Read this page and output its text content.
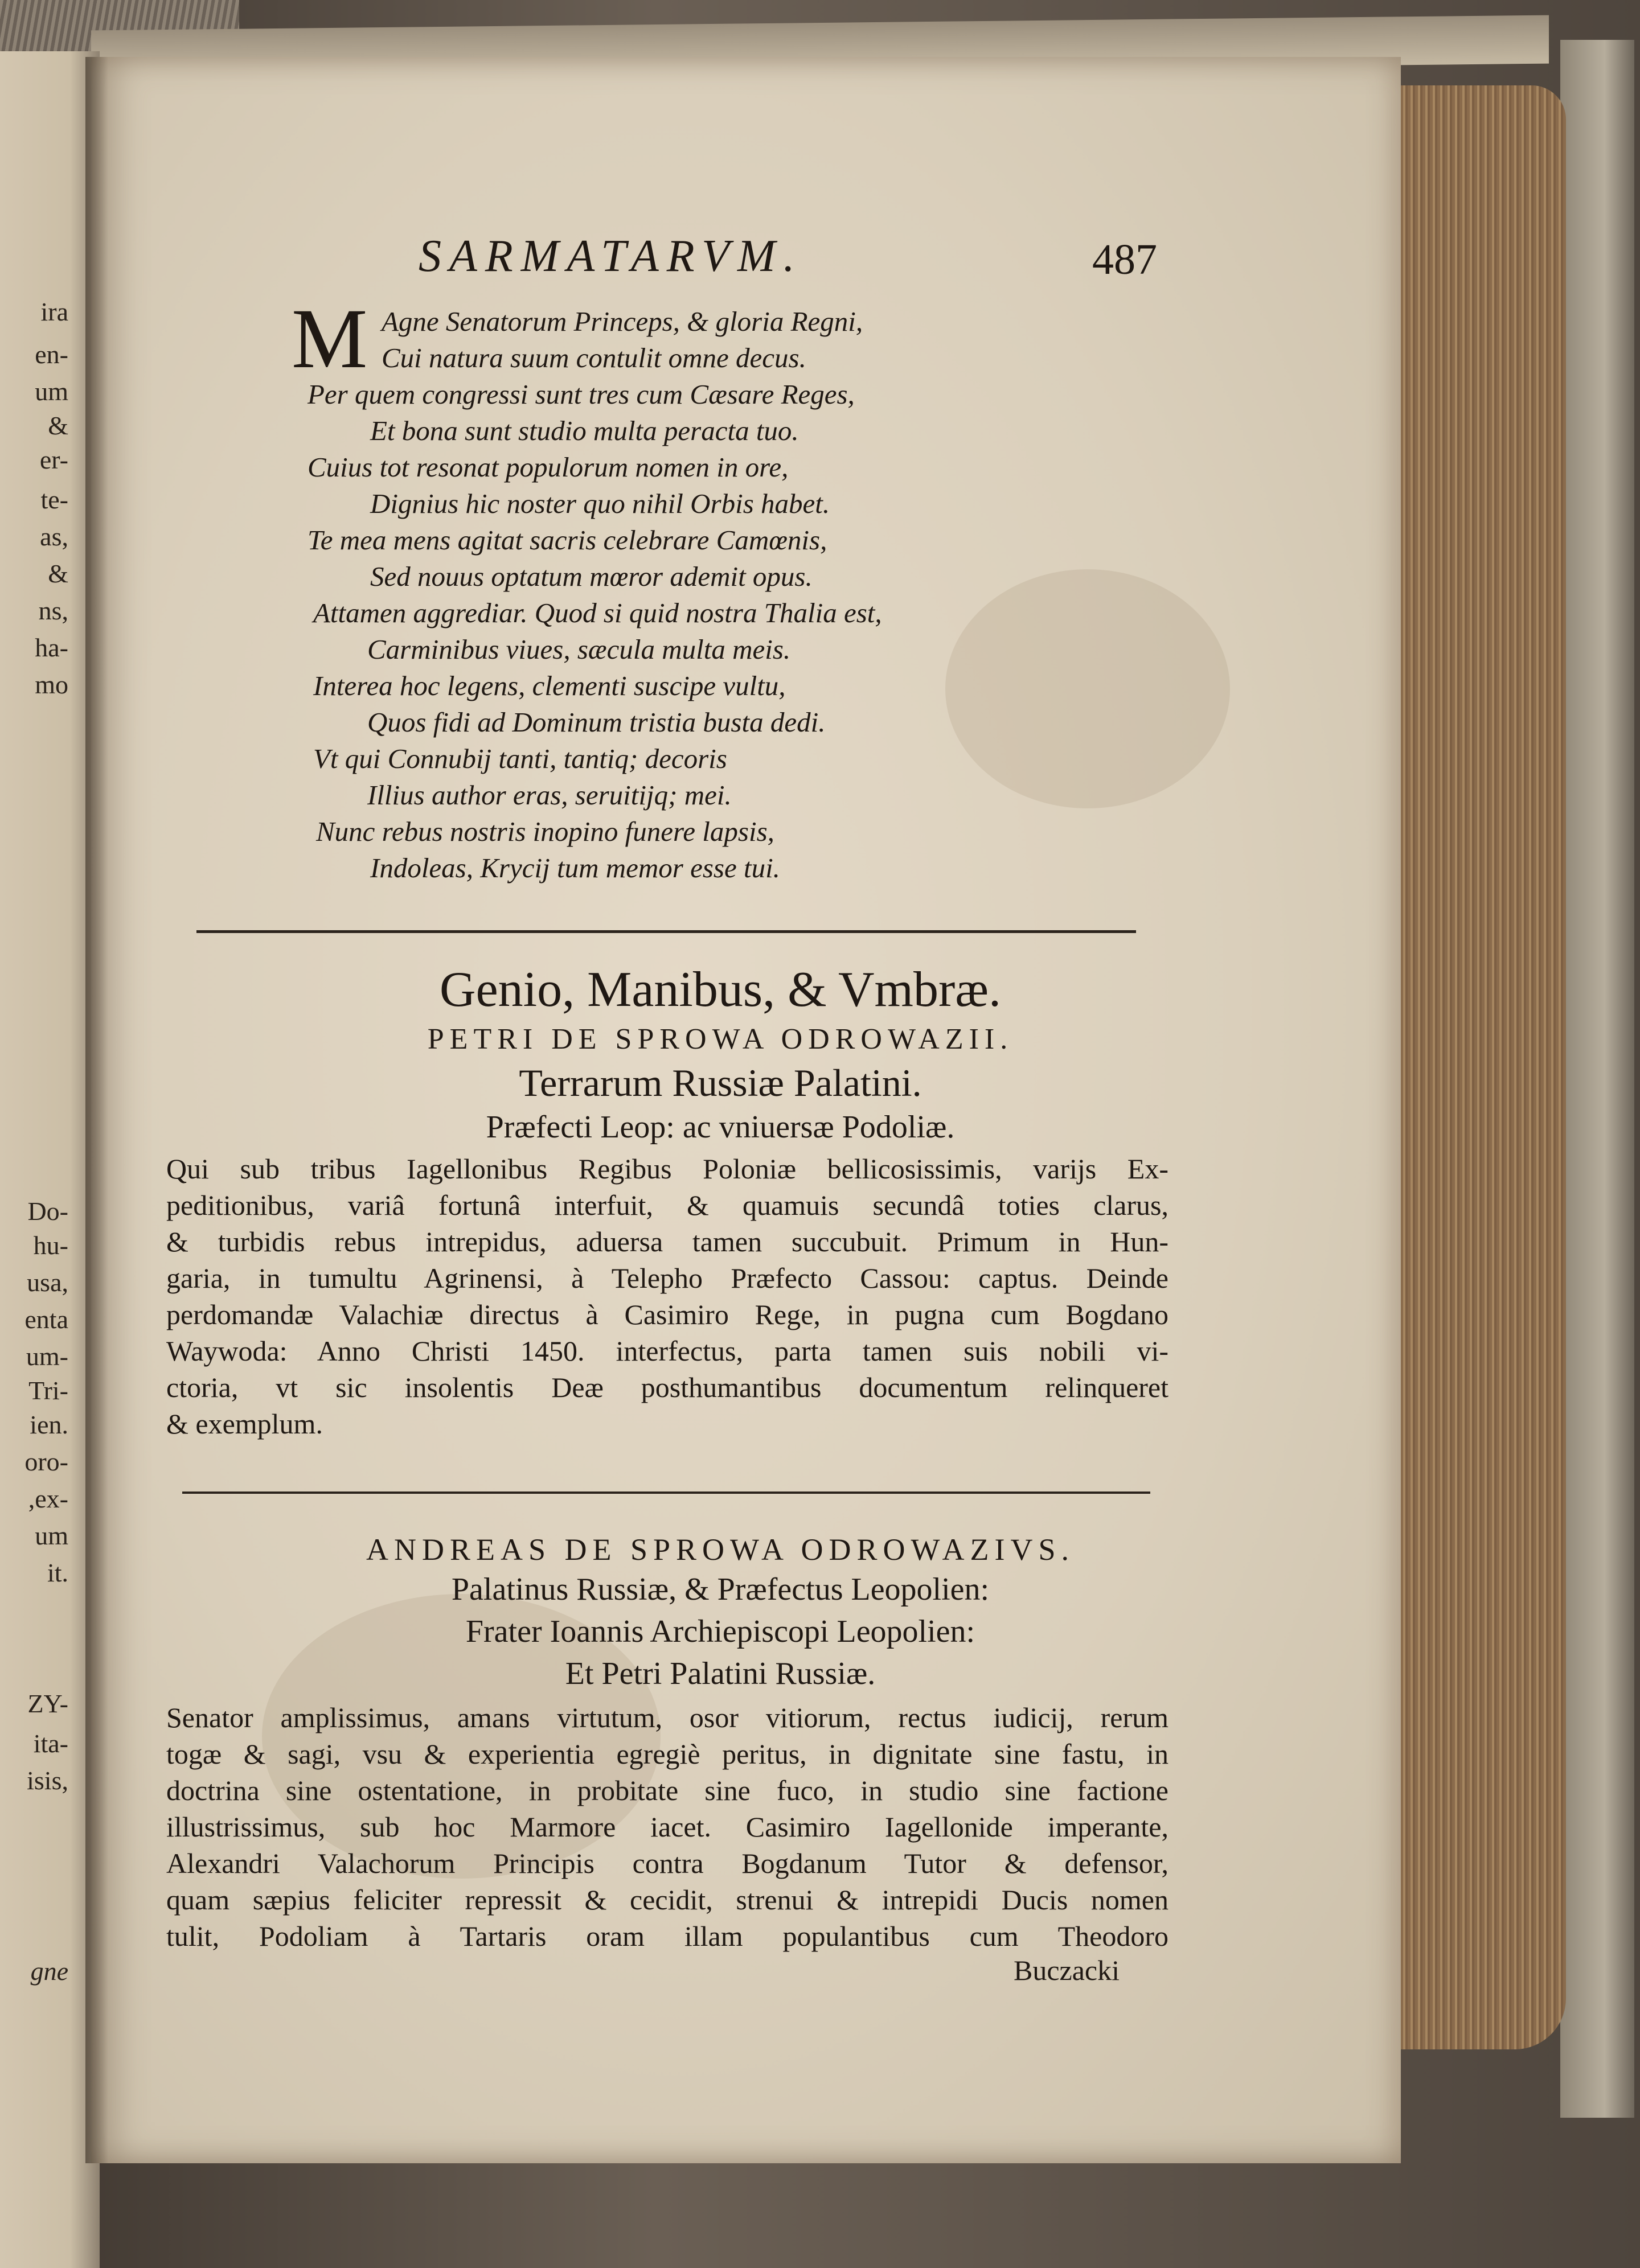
SARMATARVM.	487
M Agne Senatorum Princeps, & gloria Regni,
Cui natura suum contulit omne decus.
Per quem congressi sunt tres cum Cæsare Reges,
Et bona sunt studio multa peracta tuo.
Cuius tot resonat populorum nomen in ore,
Dignius hic noster quo nihil Orbis habet.
Te mea mens agitat sacris celebrare Camœnis,
Sed nouus optatum mœror ademit opus.
Attamen aggrediar. Quod si quid nostra Thalia est,
Carminibus viues, sæcula multa meis.
Interea hoc legens, clementi suscipe vultu,
Quos fidi ad Dominum tristia busta dedi.
Vt qui Connubij tanti, tantiq; decoris
Illius author eras, seruitijq; mei.
Nunc rebus nostris inopino funere lapsis,
Indoleas, Krycij tum memor esse tui.
Genio, Manibus, & Vmbræ.
PETRI DE SPROWA ODROWAZII.
Terrarum Russiæ Palatini.
Præfecti Leop: ac vniuersæ Podoliæ.
Qui sub tribus Iagellonibus Regibus Poloniæ bellicosissimis, varijs Ex-
peditionibus, variâ fortunâ interfuit, & quamuis secundâ toties clarus,
& turbidis rebus intrepidus, aduersa tamen succubuit. Primum in Hun-
garia, in tumultu Agrinensi, à Telepho Præfecto Cassou: captus. Deinde
perdomandæ Valachiæ directus à Casimiro Rege, in pugna cum Bogdano
Waywoda: Anno Christi 1450. interfectus, parta tamen suis nobili vi-
ctoria, vt sic insolentis Deæ posthumantibus documentum relinqueret
& exemplum.
ANDREAS DE SPROWA ODROWAZIVS.
Palatinus Russiæ, & Præfectus Leopolien:
Frater Ioannis Archiepiscopi Leopolien:
Et Petri Palatini Russiæ.
Senator amplissimus, amans virtutum, osor vitiorum, rectus iudicij, rerum
togæ & sagi, vsu & experientia egregiè peritus, in dignitate sine fastu, in
doctrina sine ostentatione, in probitate sine fuco, in studio sine factione
illustrissimus, sub hoc Marmore iacet. Casimiro Iagellonide imperante,
Alexandri Valachorum Principis contra Bogdanum Tutor & defensor,
quam sæpius feliciter repressit & cecidit, strenui & intrepidi Ducis nomen
tulit, Podoliam à Tartaris oram illam populantibus cum Theodoro
Buczacki
ira
en-
um
&
er-
te-
as,
&
ns,
ha-
mo
Do-
hu-
usa,
enta
um-
Tri-
ien.
oro-
,ex-
um
it.
ZY-
ita-
isis,
gne
